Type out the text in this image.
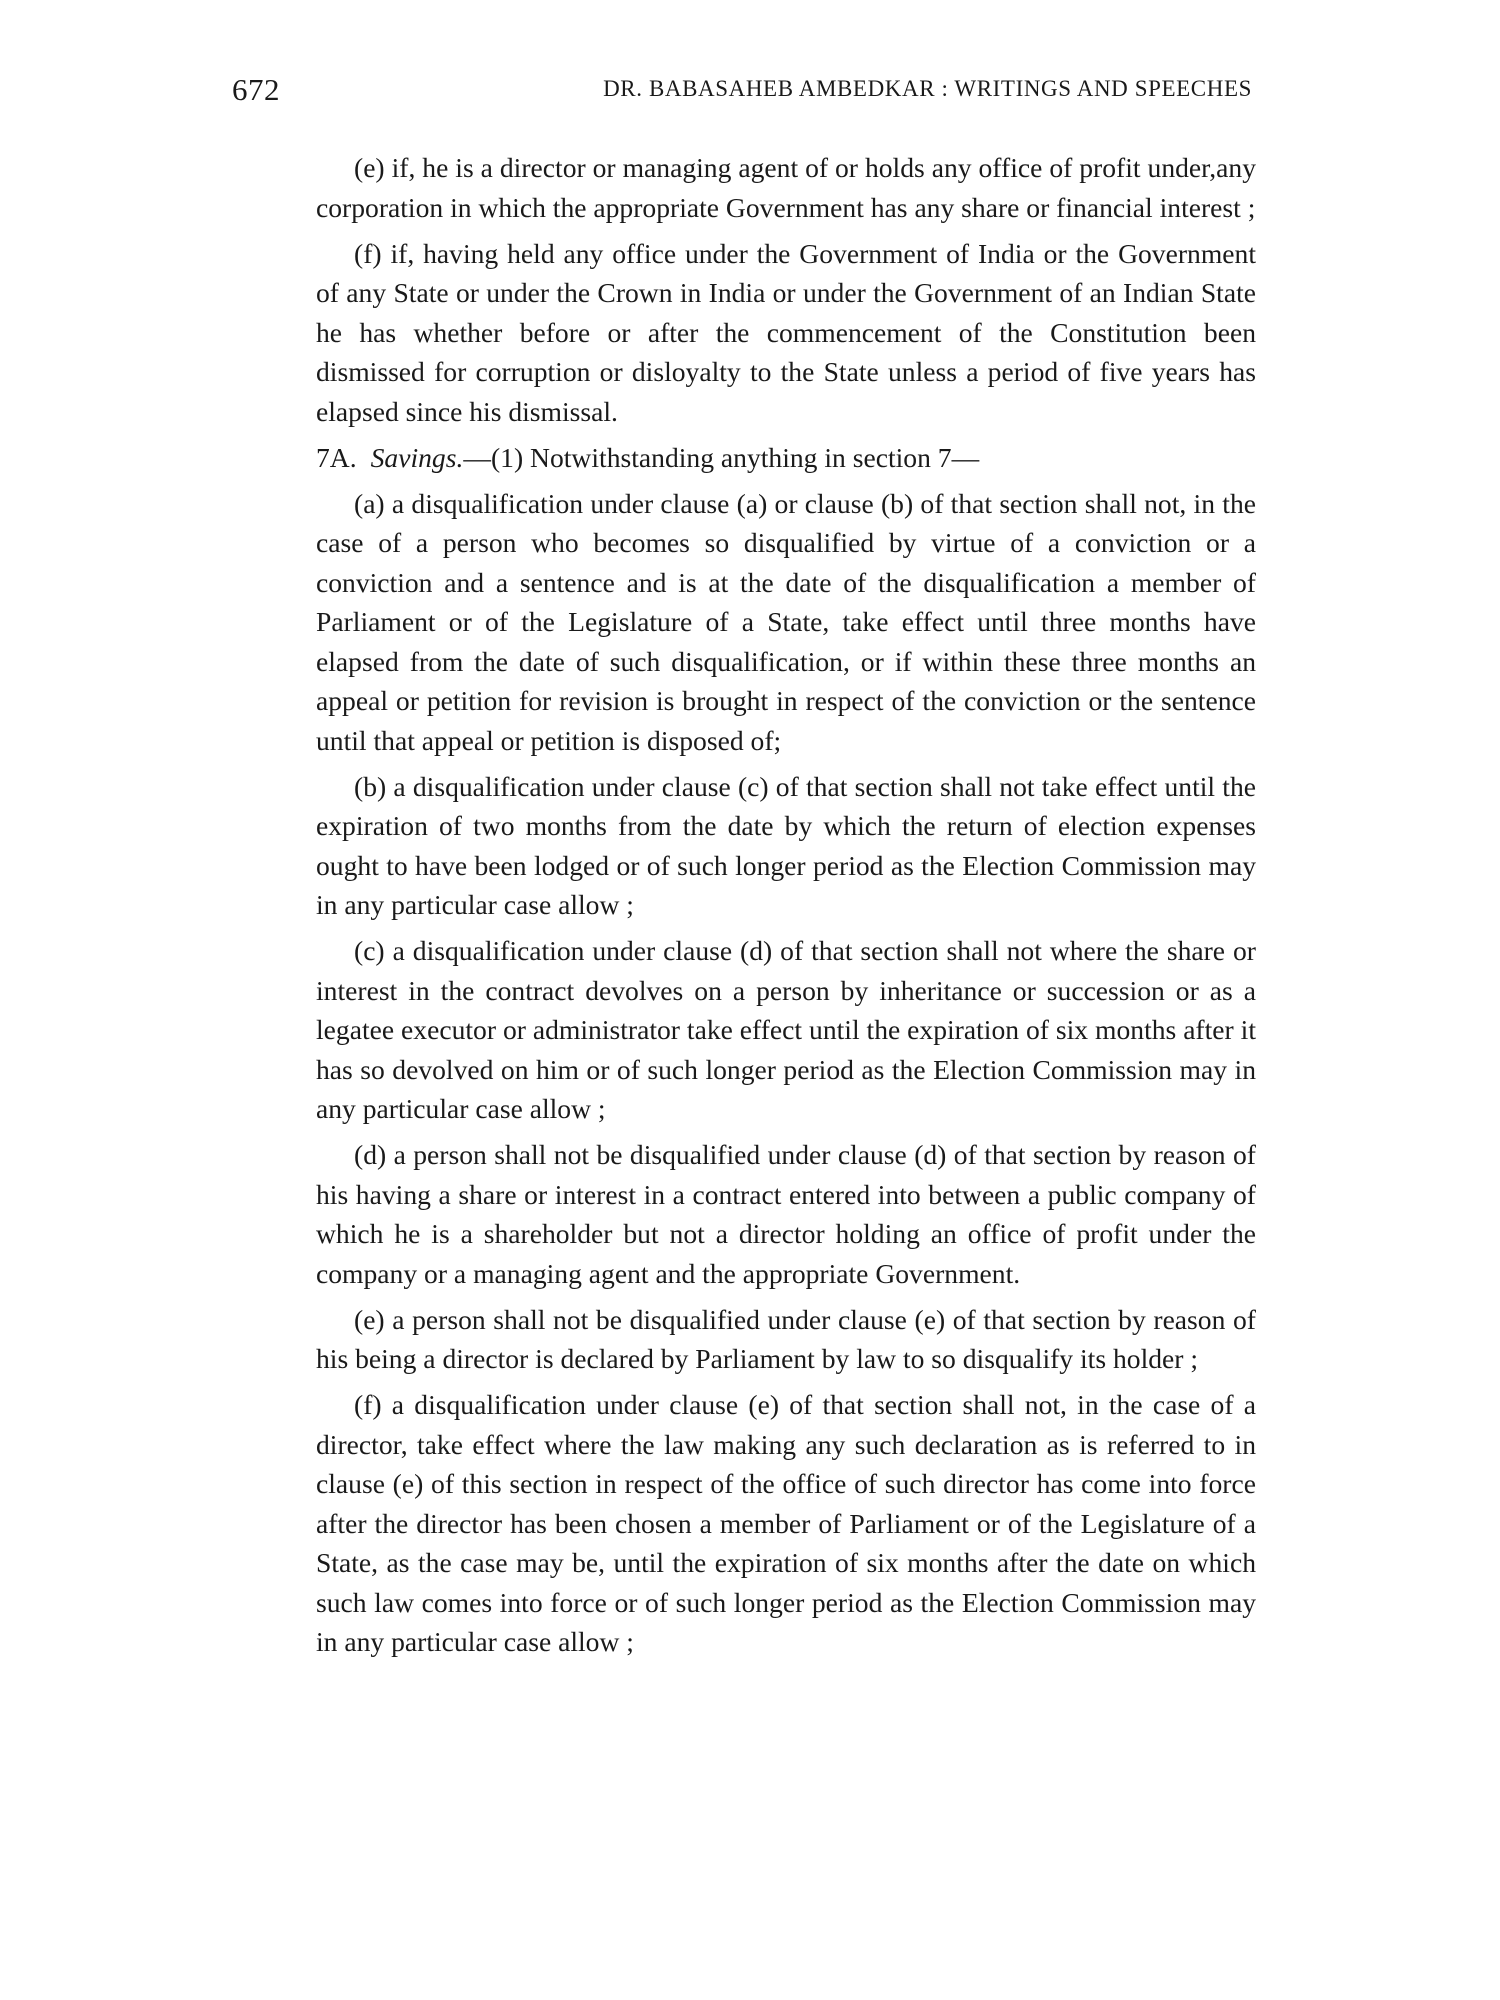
672	DR. BABASAHEB AMBEDKAR : WRITINGS AND SPEECHES

(e) if, he is a director or managing agent of or holds any office of profit under,any corporation in which the appropriate Government has any share or financial interest ;

(f) if, having held any office under the Government of India or the Government of any State or under the Crown in India or under the Government of an Indian State he has whether before or after the commencement of the Constitution been dismissed for corruption or disloyalty to the State unless a period of five years has elapsed since his dismissal.

7A. Savings.—(1) Notwithstanding anything in section 7—

(a) a disqualification under clause (a) or clause (b) of that section shall not, in the case of a person who becomes so disqualified by virtue of a conviction or a conviction and a sentence and is at the date of the disqualification a member of Parliament or of the Legislature of a State, take effect until three months have elapsed from the date of such disqualification, or if within these three months an appeal or petition for revision is brought in respect of the conviction or the sentence until that appeal or petition is disposed of;

(b) a disqualification under clause (c) of that section shall not take effect until the expiration of two months from the date by which the return of election expenses ought to have been lodged or of such longer period as the Election Commission may in any particular case allow ;

(c) a disqualification under clause (d) of that section shall not where the share or interest in the contract devolves on a person by inheritance or succession or as a legatee executor or administrator take effect until the expiration of six months after it has so devolved on him or of such longer period as the Election Commission may in any particular case allow ;

(d) a person shall not be disqualified under clause (d) of that section by reason of his having a share or interest in a contract entered into between a public company of which he is a shareholder but not a director holding an office of profit under the company or a managing agent and the appropriate Government.

(e) a person shall not be disqualified under clause (e) of that section by reason of his being a director is declared by Parliament by law to so disqualify its holder ;

(f) a disqualification under clause (e) of that section shall not, in the case of a director, take effect where the law making any such declaration as is referred to in clause (e) of this section in respect of the office of such director has come into force after the director has been chosen a member of Parliament or of the Legislature of a State, as the case may be, until the expiration of six months after the date on which such law comes into force or of such longer period as the Election Commission may in any particular case allow ;
